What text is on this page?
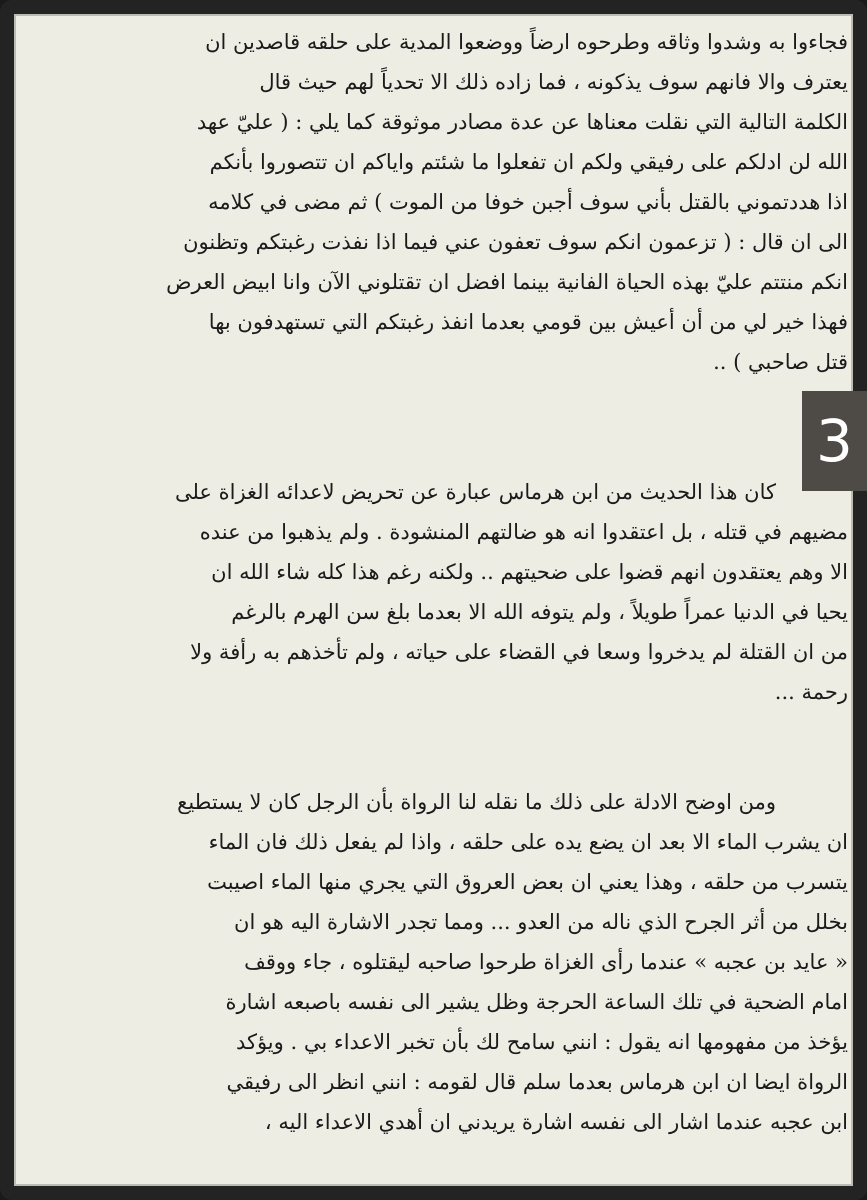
فجاءوا به وشدوا وثاقه وطرحوه ارضاً ووضعوا المدية على حلقه قاصدين ان
يعترف والا فانهم سوف يذكونه ، فما زاده ذلك الا تحدياً لهم حيث قال
الكلمة التالية التي نقلت معناها عن عدة مصادر موثوقة كما يلي : ( عليّ عهد
الله لن ادلكم على رفيقي ولكم ان تفعلوا ما شئتم واياكم ان تتصوروا بأنكم
اذا هددتموني بالقتل بأني سوف أجبن خوفا من الموت ) ثم مضى في كلامه
الى ان قال : ( تزعمون انكم سوف تعفون عني فيما اذا نفذت رغبتكم وتظنون
انكم منتتم عليّ بهذه الحياة الفانية بينما افضل ان تقتلوني الآن وانا ابيض العرض
فهذا خير لي من أن أعيش بين قومي بعدما انفذ رغبتكم التي تستهدفون بها
قتل صاحبي ) ..
كان هذا الحديث من ابن هرماس عبارة عن تحريض لاعدائه الغزاة على
مضيهم في قتله ، بل اعتقدوا انه هو ضالتهم المنشودة . ولم يذهبوا من عنده
الا وهم يعتقدون انهم قضوا على ضحيتهم .. ولكنه رغم هذا كله شاء الله ان
يحيا في الدنيا عمراً طويلاً ، ولم يتوفه الله الا بعدما بلغ سن الهرم بالرغم
من ان القتلة لم يدخروا وسعا في القضاء على حياته ، ولم تأخذهم به رأفة ولا
رحمة ...
ومن اوضح الادلة على ذلك ما نقله لنا الرواة بأن الرجل كان لا يستطيع
ان يشرب الماء الا بعد ان يضع يده على حلقه ، واذا لم يفعل ذلك فان الماء
يتسرب من حلقه ، وهذا يعني ان بعض العروق التي يجري منها الماء اصيبت
بخلل من أثر الجرح الذي ناله من العدو ... ومما تجدر الاشارة اليه هو ان
« عايد بن عجبه » عندما رأى الغزاة طرحوا صاحبه ليقتلوه ، جاء ووقف
امام الضحية في تلك الساعة الحرجة وظل يشير الى نفسه باصبعه اشارة
يؤخذ من مفهومها انه يقول : انني سامح لك بأن تخبر الاعداء بي . ويؤكد
الرواة ايضا ان ابن هرماس بعدما سلم قال لقومه : انني انظر الى رفيقي
ابن عجبه عندما اشار الى نفسه اشارة يريدني ان أهدي الاعداء اليه ،
3
